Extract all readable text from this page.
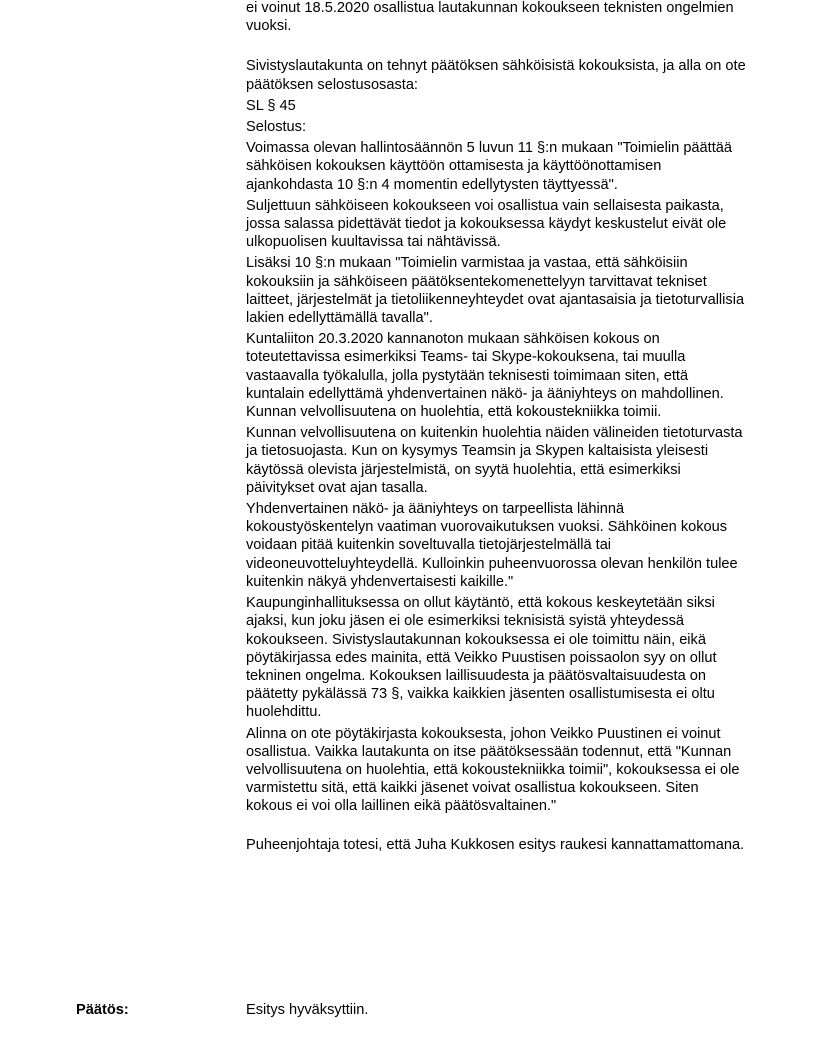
ei voinut 18.5.2020 osallistua lautakunnan kokoukseen teknisten ongelmien vuoksi.

Sivistyslautakunta on tehnyt päätöksen sähköisistä kokouksista, ja alla on ote päätöksen selostusosasta:

SL § 45

Selostus:

Voimassa olevan hallintosäännön 5 luvun 11 §:n mukaan "Toimielin päättää sähköisen kokouksen käyttöön ottamisesta ja käyttöönottamisen ajankohdasta 10 §:n 4 momentin edellytysten täyttyessä".

Suljettuun sähköiseen kokoukseen voi osallistua vain sellaisesta paikasta, jossa salassa pidettävät tiedot ja kokouksessa käydyt keskustelut eivät ole ulkopuolisen kuultavissa tai nähtävissä.

Lisäksi 10 §:n mukaan "Toimielin varmistaa ja vastaa, että sähköisiin kokouksiin ja sähköiseen päätöksentekomenettelyyn tarvittavat tekniset laitteet, järjestelmät ja tietoliikenneyhteydet ovat ajantasaisia ja tietoturvallisia lakien edellyttämällä tavalla".

Kuntaliiton 20.3.2020 kannanoton mukaan sähköisen kokous on toteutettavissa esimerkiksi Teams- tai Skype-kokouksena, tai muulla vastaavalla työkalulla, jolla pystytään teknisesti toimimaan siten, että kuntalain edellyttämä yhdenvertainen näkö- ja ääniyhteys on mahdollinen. Kunnan velvollisuutena on huolehtia, että kokoustekniikka toimii.

Kunnan velvollisuutena on kuitenkin huolehtia näiden välineiden tietoturvasta ja tietosuojasta. Kun on kysymys Teamsin ja Skypen kaltaisista yleisesti käytössä olevista järjestelmistä, on syytä huolehtia, että esimerkiksi päivitykset ovat ajan tasalla.

Yhdenvertainen näkö- ja ääniyhteys on tarpeellista lähinnä kokoustyöskentelyn vaatiman vuorovaikutuksen vuoksi. Sähköinen kokous voidaan pitää kuitenkin soveltuvalla tietojärjestelmällä tai videoneuvotteluyhteydellä. Kulloinkin puheenvuorossa olevan henkilön tulee kuitenkin näkyä yhdenvertaisesti kaikille."

Kaupunginhallituksessa on ollut käytäntö, että kokous keskeytetään siksi ajaksi, kun joku jäsen ei ole esimerkiksi teknisistä syistä yhteydessä kokoukseen. Sivistyslautakunnan kokouksessa ei ole toimittu näin, eikä pöytäkirjassa edes mainita, että Veikko Puustisen poissaolon syy on ollut tekninen ongelma. Kokouksen laillisuudesta ja päätösvaltaisuudesta on päätetty pykälässä 73 §, vaikka kaikkien jäsenten osallistumisesta ei oltu huolehdittu.

Alinna on ote pöytäkirjasta kokouksesta, johon Veikko Puustinen ei voinut osallistua. Vaikka lautakunta on itse päätöksessään todennut, että "Kunnan velvollisuutena on huolehtia, että kokoustekniikka toimii", kokouksessa ei ole varmistettu sitä, että kaikki jäsenet voivat osallistua kokoukseen. Siten kokous ei voi olla laillinen eikä päätösvaltainen."

Puheenjohtaja totesi, että Juha Kukkosen esitys raukesi kannattamattomana.

Päätös:	Esitys hyväksyttiin.
